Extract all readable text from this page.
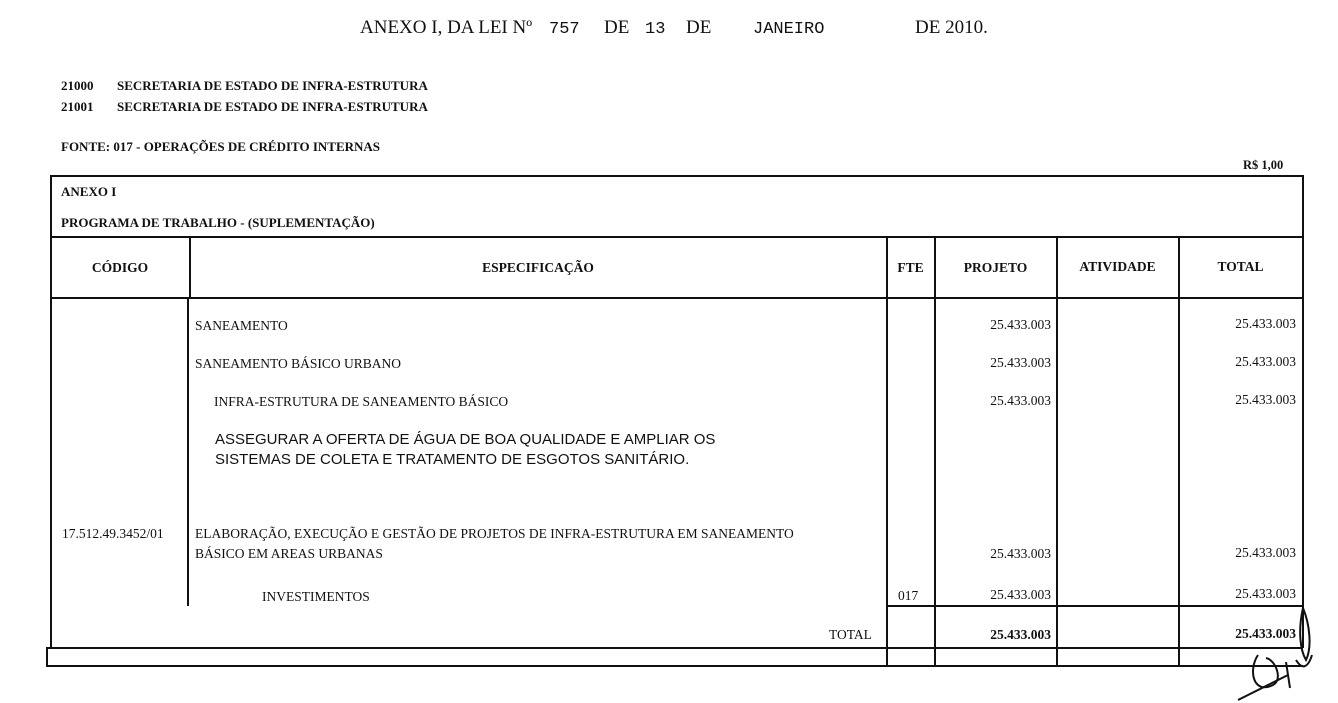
ANEXO I, DA LEI Nº 757 DE 13 DE JANEIRO	DE 2010.
21000 SECRETARIA DE ESTADO DE INFRA-ESTRUTURA
21001 SECRETARIA DE ESTADO DE INFRA-ESTRUTURA
FONTE: 017 - OPERAÇÕES DE CRÉDITO INTERNAS
R$ 1,00
ANEXO I
PROGRAMA DE TRABALHO - (SUPLEMENTAÇÃO)
CÓDIGO	ESPECIFICAÇÃO	FTE	PROJETO	ATIVIDADE	TOTAL
SANEAMENTO	25.433.003	25.433.003
SANEAMENTO BÁSICO URBANO	25.433.003	25.433.003
INFRA-ESTRUTURA DE SANEAMENTO BÁSICO	25.433.003	25.433.003
ASSEGURAR A OFERTA DE ÁGUA DE BOA QUALIDADE E AMPLIAR OS
SISTEMAS DE COLETA E TRATAMENTO DE ESGOTOS SANITÁRIO.
17.512.49.3452/01 ELABORAÇÃO, EXECUÇÃO E GESTÃO DE PROJETOS DE INFRA-ESTRUTURA EM SANEAMENTO
BÁSICO EM AREAS URBANAS	25.433.003	25.433.003
INVESTIMENTOS	017	25.433.003	25.433.003
TOTAL	25.433.003	25.433.003
